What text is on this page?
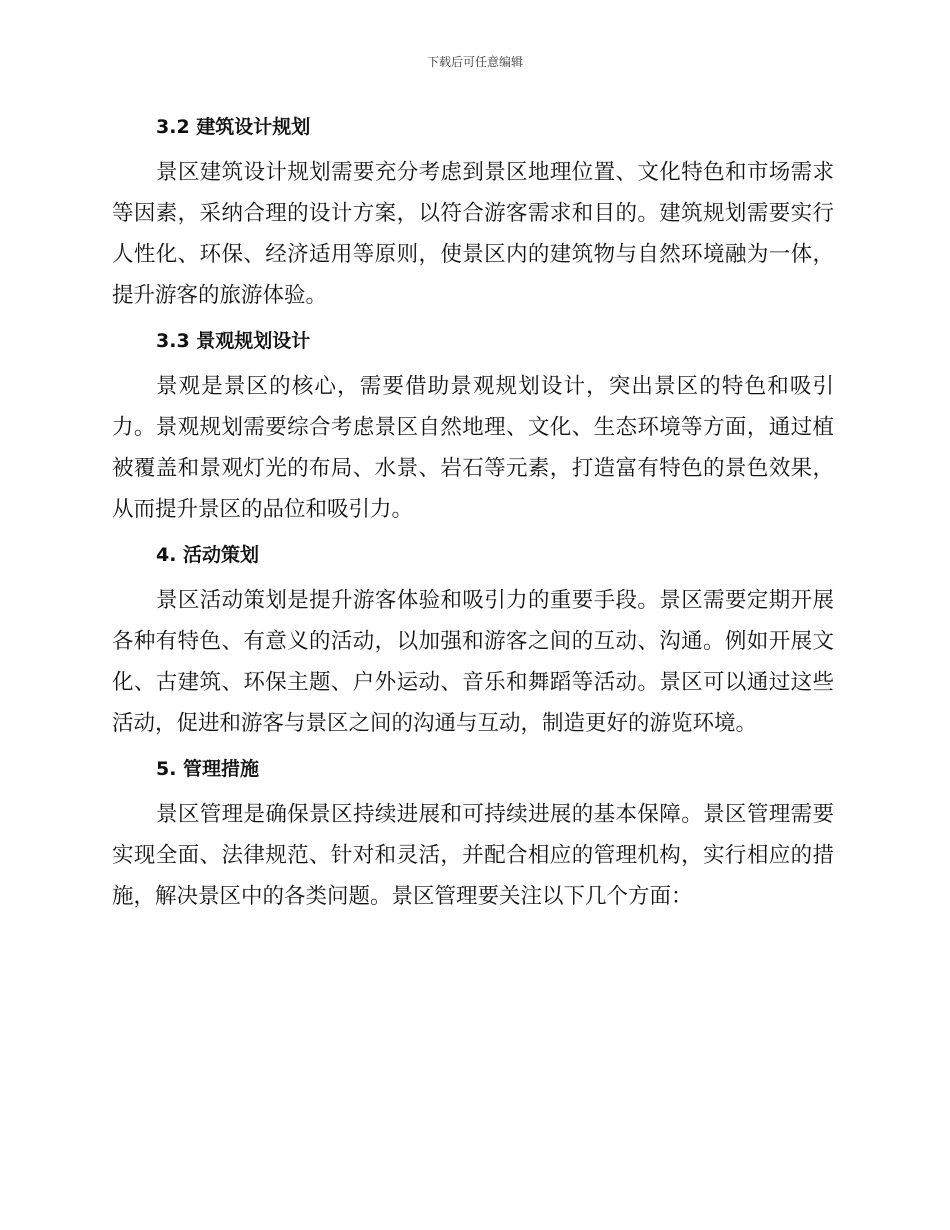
下载后可任意编辑

3.2 建筑设计规划

景区建筑设计规划需要充分考虑到景区地理位置、文化特色和市场需求等因素，采纳合理的设计方案，以符合游客需求和目的。建筑规划需要实行人性化、环保、经济适用等原则，使景区内的建筑物与自然环境融为一体，提升游客的旅游体验。

3.3 景观规划设计

景观是景区的核心，需要借助景观规划设计，突出景区的特色和吸引力。景观规划需要综合考虑景区自然地理、文化、生态环境等方面，通过植被覆盖和景观灯光的布局、水景、岩石等元素，打造富有特色的景色效果，从而提升景区的品位和吸引力。

4. 活动策划

景区活动策划是提升游客体验和吸引力的重要手段。景区需要定期开展各种有特色、有意义的活动，以加强和游客之间的互动、沟通。例如开展文化、古建筑、环保主题、户外运动、音乐和舞蹈等活动。景区可以通过这些活动，促进和游客与景区之间的沟通与互动，制造更好的游览环境。

5. 管理措施

景区管理是确保景区持续进展和可持续进展的基本保障。景区管理需要实现全面、法律规范、针对和灵活，并配合相应的管理机构，实行相应的措施，解决景区中的各类问题。景区管理要关注以下几个方面：
